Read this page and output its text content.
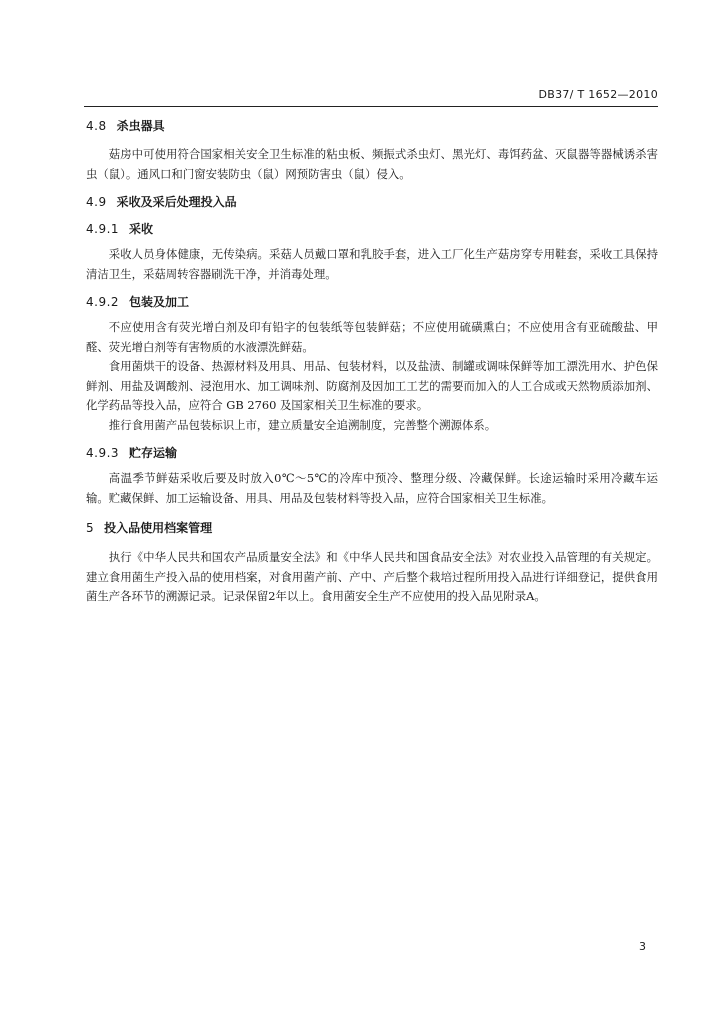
DB37/ T 1652—2010
4.8 杀虫器具

菇房中可使用符合国家相关安全卫生标准的粘虫板、频振式杀虫灯、黑光灯、毒饵药盆、灭鼠器等器械诱杀害虫（鼠）。通风口和门窗安装防虫（鼠）网预防害虫（鼠）侵入。

4.9 采收及采后处理投入品
4.9.1 采收

采收人员身体健康，无传染病。采菇人员戴口罩和乳胶手套，进入工厂化生产菇房穿专用鞋套，采收工具保持清洁卫生，采菇周转容器刷洗干净，并消毒处理。

4.9.2 包装及加工

不应使用含有荧光增白剂及印有铅字的包装纸等包装鲜菇；不应使用硫磺熏白；不应使用含有亚硫酸盐、甲醛、荧光增白剂等有害物质的水液漂洗鲜菇。

食用菌烘干的设备、热源材料及用具、用品、包装材料，以及盐渍、制罐或调味保鲜等加工漂洗用水、护色保鲜剂、用盐及调酸剂、浸泡用水、加工调味剂、防腐剂及因加工工艺的需要而加入的人工合成或天然物质添加剂、化学药品等投入品，应符合 GB 2760 及国家相关卫生标准的要求。

推行食用菌产品包装标识上市，建立质量安全追溯制度，完善整个溯源体系。

4.9.3 贮存运输

高温季节鲜菇采收后要及时放入0℃～5℃的冷库中预冷、整理分级、冷藏保鲜。长途运输时采用冷藏车运输。贮藏保鲜、加工运输设备、用具、用品及包装材料等投入品，应符合国家相关卫生标准。

5 投入品使用档案管理

执行《中华人民共和国农产品质量安全法》和《中华人民共和国食品安全法》对农业投入品管理的有关规定。建立食用菌生产投入品的使用档案，对食用菌产前、产中、产后整个栽培过程所用投入品进行详细登记，提供食用菌生产各环节的溯源记录。记录保留2年以上。食用菌安全生产不应使用的投入品见附录A。

3
